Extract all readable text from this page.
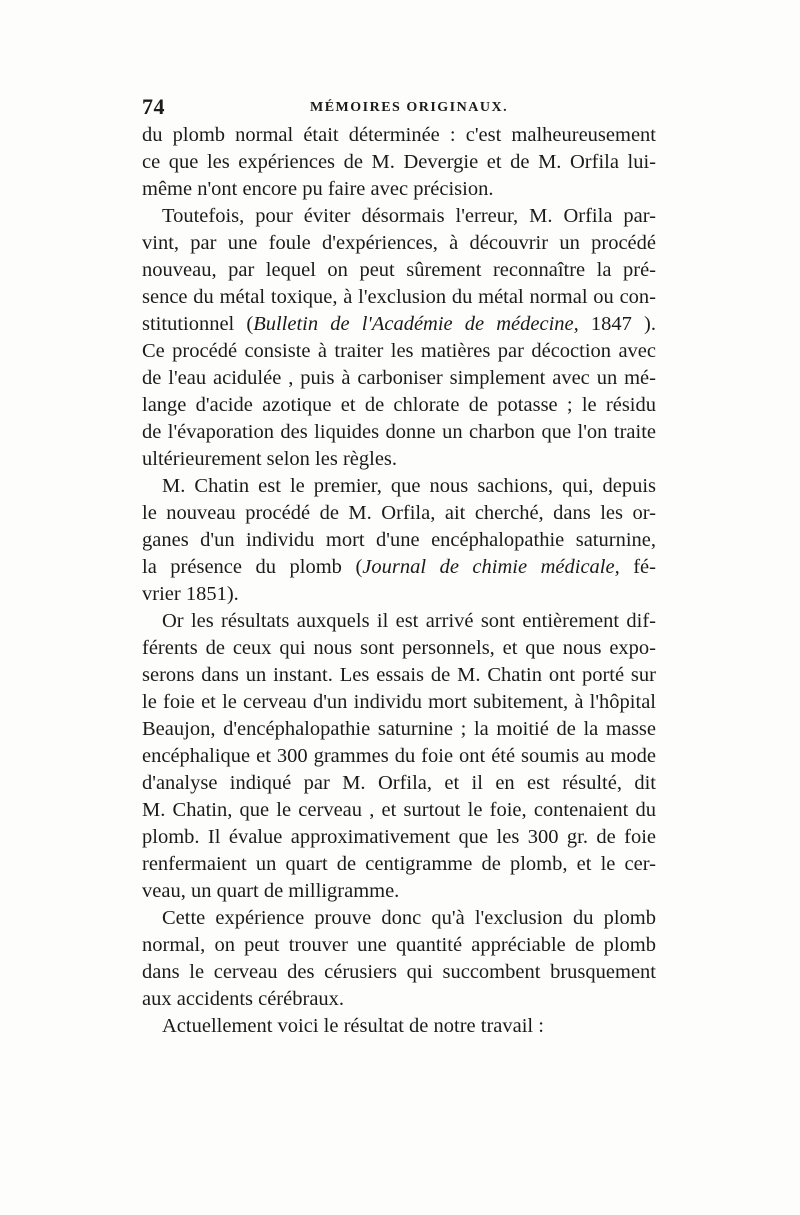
74	MÉMOIRES ORIGINAUX.
du plomb normal était déterminée : c'est malheureusement
ce que les expériences de M. Devergie et de M. Orfila lui-
même n'ont encore pu faire avec précision.
Toutefois, pour éviter désormais l'erreur, M. Orfila par-
vint, par une foule d'expériences, à découvrir un procédé
nouveau, par lequel on peut sûrement reconnaître la pré-
sence du métal toxique, à l'exclusion du métal normal ou con-
stitutionnel (Bulletin de l'Académie de médecine, 1847 ).
Ce procédé consiste à traiter les matières par décoction avec
de l'eau acidulée , puis à carboniser simplement avec un mé-
lange d'acide azotique et de chlorate de potasse ; le résidu
de l'évaporation des liquides donne un charbon que l'on traite
ultérieurement selon les règles.
M. Chatin est le premier, que nous sachions, qui, depuis
le nouveau procédé de M. Orfila, ait cherché, dans les or-
ganes d'un individu mort d'une encéphalopathie saturnine,
la présence du plomb (Journal de chimie médicale, fé-
vrier 1851).
Or les résultats auxquels il est arrivé sont entièrement dif-
férents de ceux qui nous sont personnels, et que nous expo-
serons dans un instant. Les essais de M. Chatin ont porté sur
le foie et le cerveau d'un individu mort subitement, à l'hôpital
Beaujon, d'encéphalopathie saturnine ; la moitié de la masse
encéphalique et 300 grammes du foie ont été soumis au mode
d'analyse indiqué par M. Orfila, et il en est résulté, dit
M. Chatin, que le cerveau , et surtout le foie, contenaient du
plomb. Il évalue approximativement que les 300 gr. de foie
renfermaient un quart de centigramme de plomb, et le cer-
veau, un quart de milligramme.
Cette expérience prouve donc qu'à l'exclusion du plomb
normal, on peut trouver une quantité appréciable de plomb
dans le cerveau des cérusiers qui succombent brusquement
aux accidents cérébraux.
Actuellement voici le résultat de notre travail :
